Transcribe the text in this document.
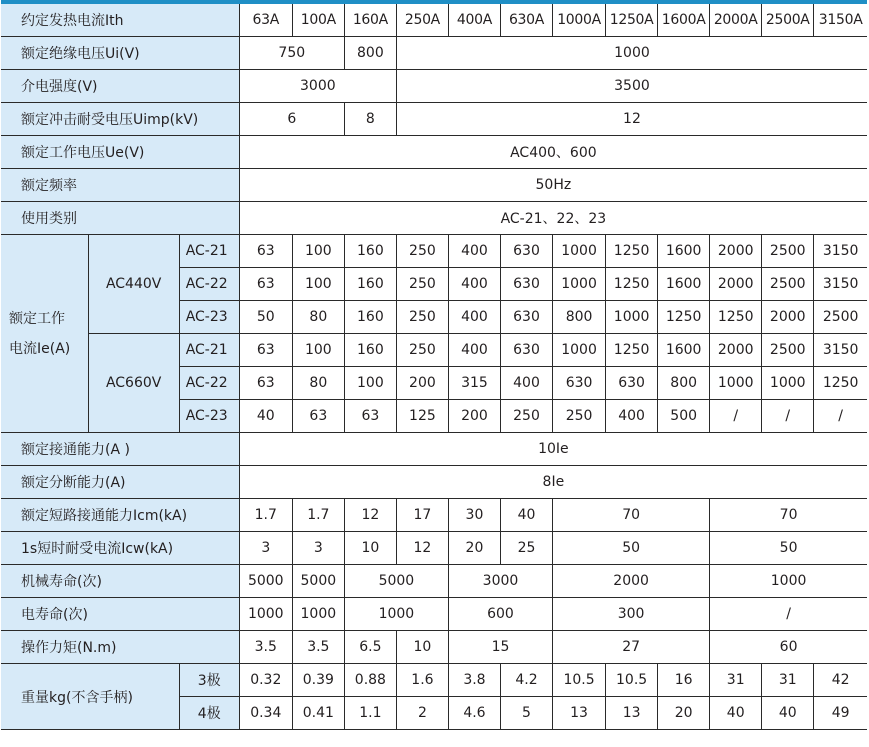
约定发热电流Ith			63A	100A	160A	250A	400A	630A	1000A	1250A	1600A	2000A	2500A	3150A
额定绝缘电压Ui(V)			750		800	1000								
介电强度(V)			3000			3500								
额定冲击耐受电压Uimp(kV)			6		8	12								
额定工作电压Ue(V)			AC400、600											
额定频率			50Hz											
使用类别			AC-21、22、23											

额定工作
电流Ie(A)	AC440V	AC-21	63	100	160	250	400	630	1000	1250	1600	2000	2500	3150
		AC-22	63	100	160	250	400	630	1000	1250	1600	2000	2500	3150
		AC-23	50	80	160	250	400	630	800	1000	1250	1250	2000	2500
	AC660V	AC-21	63	100	160	250	400	630	1000	1250	1600	2000	2500	3150
		AC-22	63	80	100	200	315	400	630	630	800	1000	1000	1250
		AC-23	40	63	63	125	200	250	250	400	500	/	/	/
额定接通能力(A )			10Ie											
额定分断能力(A)			8Ie											
额定短路接通能力Icm(kA)			1.7	1.7	12	17	30	40	70			70		
1s短时耐受电流Icw(kA)			3	3	10	12	20	25	50			50		
机械寿命(次)			5000	5000	5000		3000		2000			1000		
电寿命(次)			1000	1000	1000		600		300			/		
操作力矩(N.m)			3.5	3.5	6.5	10	15		27			60		
重量kg(不含手柄)		3极	0.32	0.39	0.88	1.6	3.8	4.2	10.5	10.5	16	31	31	42
		4极	0.34	0.41	1.1	2	4.6	5	13	13	20	40	40	49
